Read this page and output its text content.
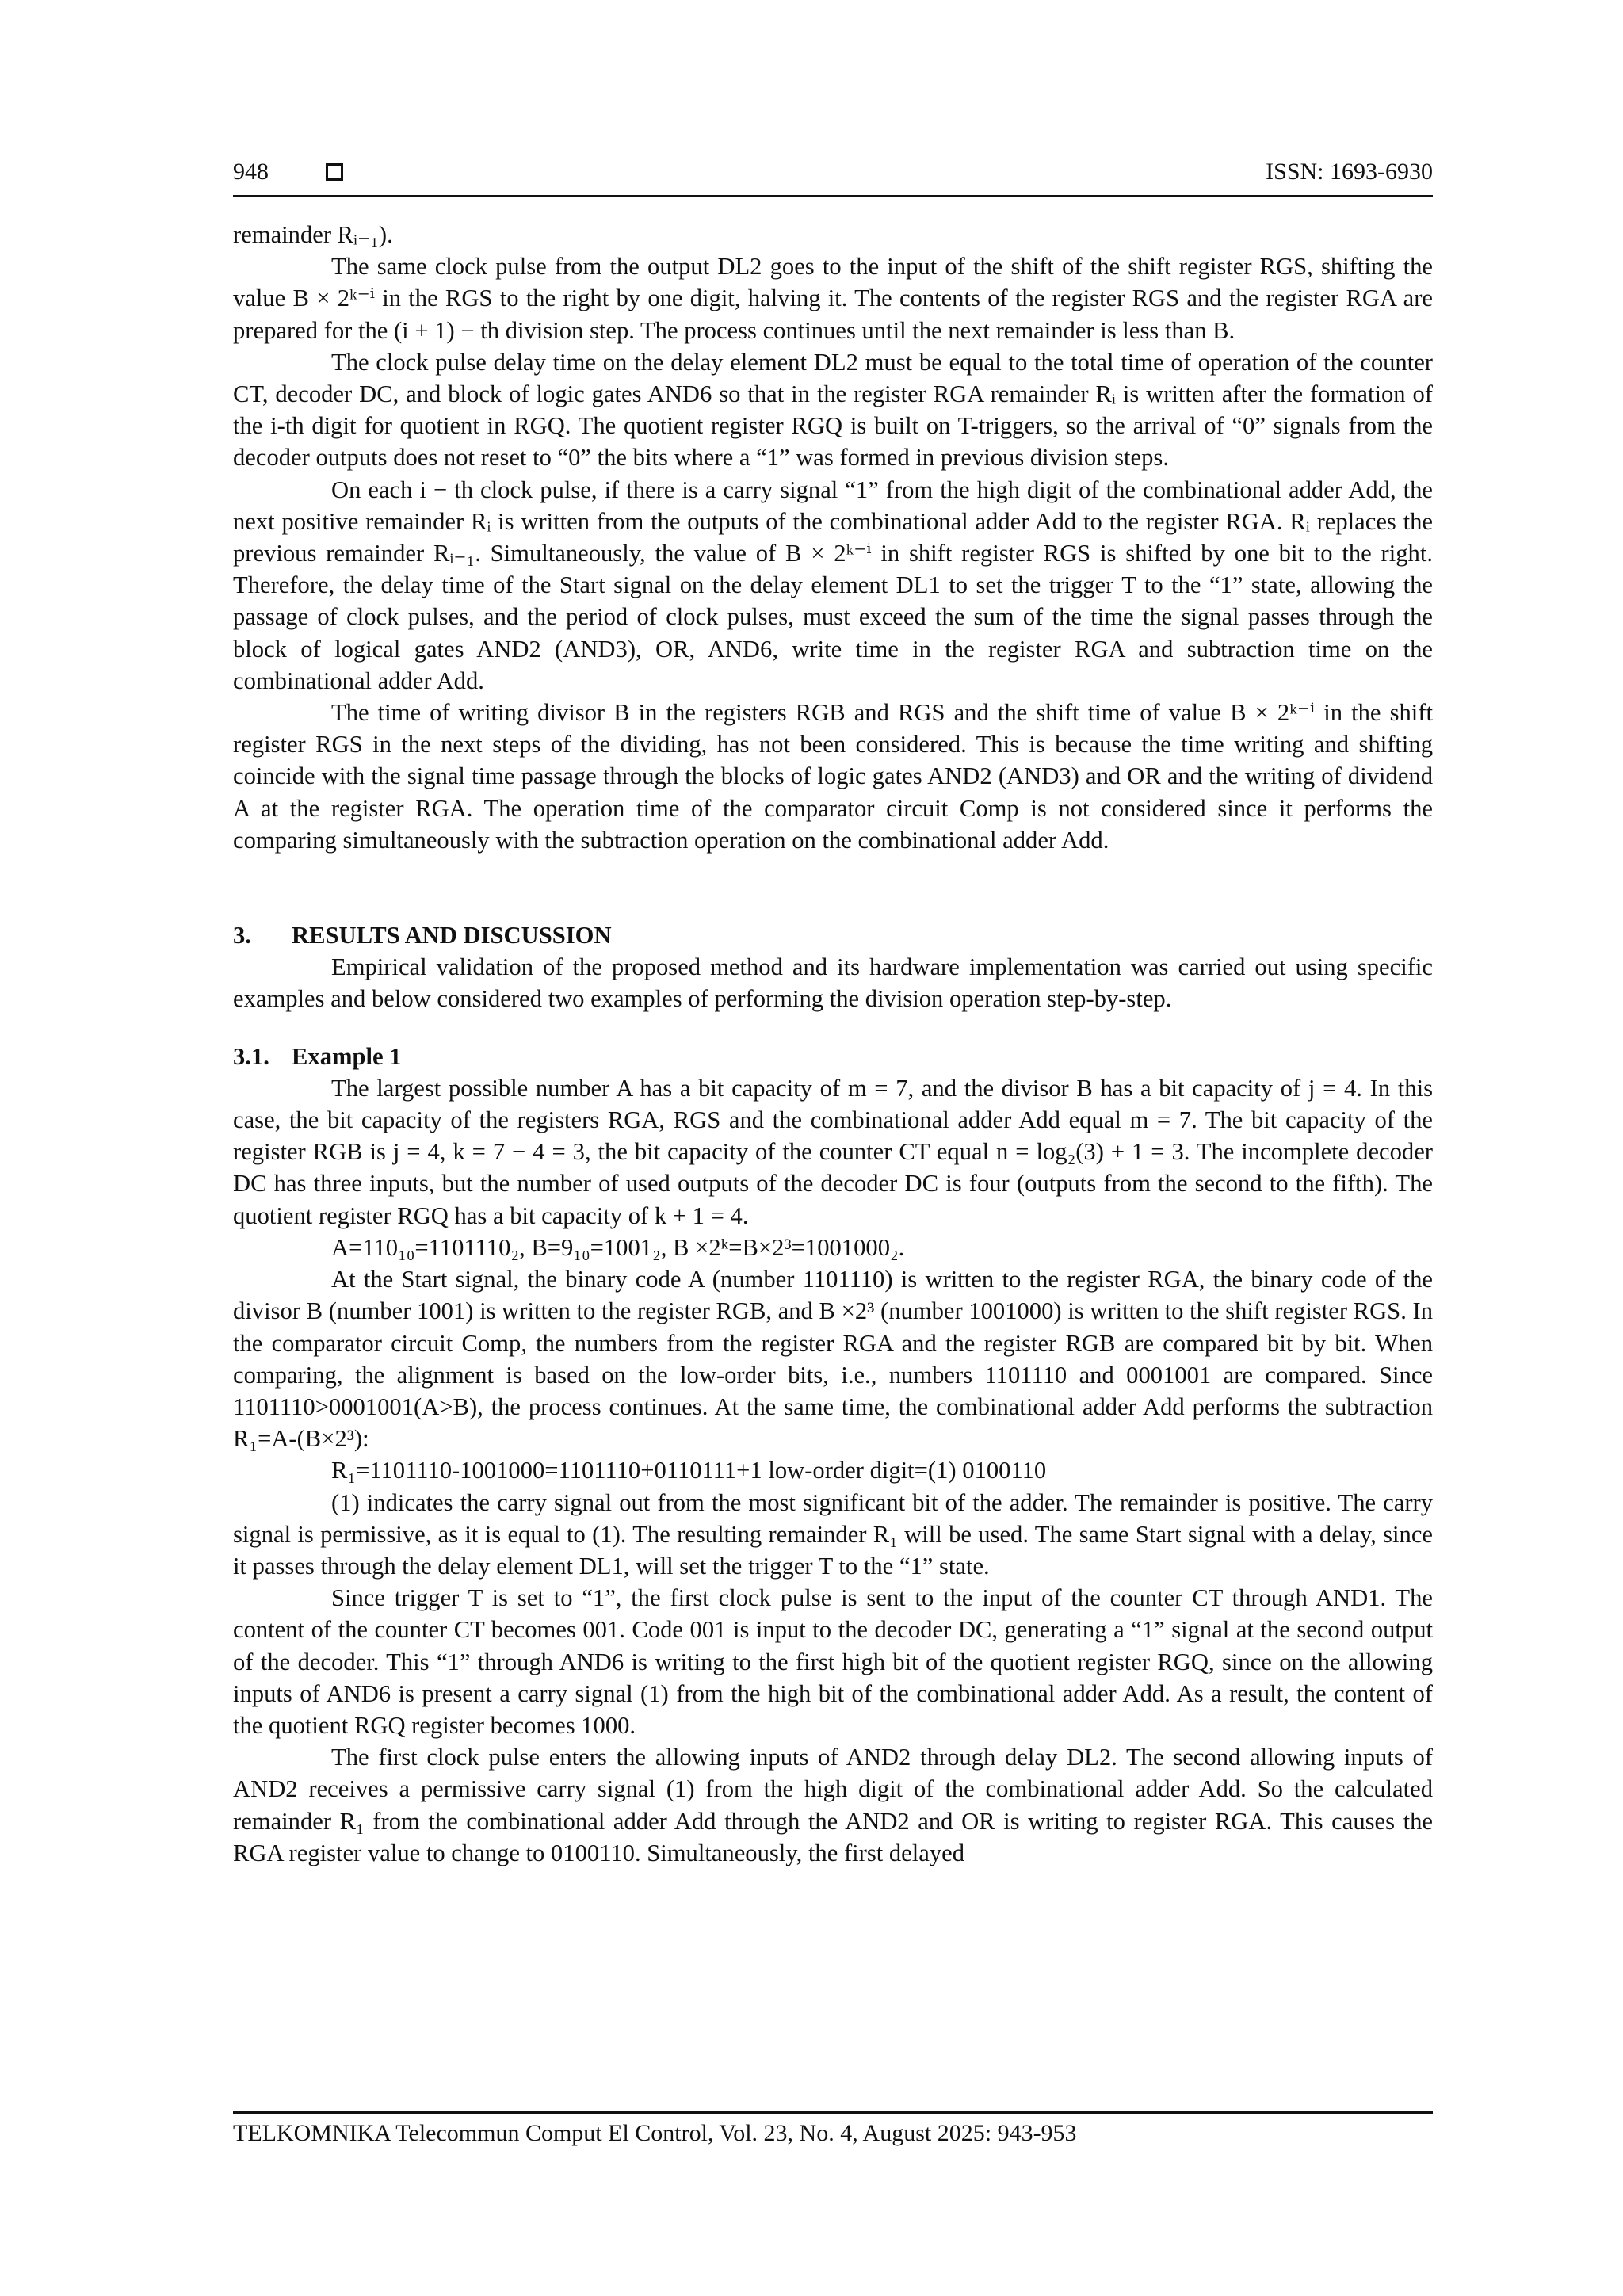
948	ISSN: 1693-6930

remainder Rᵢ₋₁).

The same clock pulse from the output DL2 goes to the input of the shift of the shift register RGS, shifting the value B × 2ᵏ⁻ⁱ in the RGS to the right by one digit, halving it. The contents of the register RGS and the register RGA are prepared for the (i + 1) − th division step. The process continues until the next remainder is less than B.

The clock pulse delay time on the delay element DL2 must be equal to the total time of operation of the counter CT, decoder DC, and block of logic gates AND6 so that in the register RGA remainder Rᵢ is written after the formation of the i-th digit for quotient in RGQ. The quotient register RGQ is built on T-triggers, so the arrival of “0” signals from the decoder outputs does not reset to “0” the bits where a “1” was formed in previous division steps.

On each i − th clock pulse, if there is a carry signal “1” from the high digit of the combinational adder Add, the next positive remainder Rᵢ is written from the outputs of the combinational adder Add to the register RGA. Rᵢ replaces the previous remainder Rᵢ₋₁. Simultaneously, the value of B × 2ᵏ⁻ⁱ in shift register RGS is shifted by one bit to the right. Therefore, the delay time of the Start signal on the delay element DL1 to set the trigger T to the “1” state, allowing the passage of clock pulses, and the period of clock pulses, must exceed the sum of the time the signal passes through the block of logical gates AND2 (AND3), OR, AND6, write time in the register RGA and subtraction time on the combinational adder Add.

The time of writing divisor B in the registers RGB and RGS and the shift time of value B × 2ᵏ⁻ⁱ in the shift register RGS in the next steps of the dividing, has not been considered. This is because the time writing and shifting coincide with the signal time passage through the blocks of logic gates AND2 (AND3) and OR and the writing of dividend A at the register RGA. The operation time of the comparator circuit Comp is not considered since it performs the comparing simultaneously with the subtraction operation on the combinational adder Add.

3. RESULTS AND DISCUSSION

Empirical validation of the proposed method and its hardware implementation was carried out using specific examples and below considered two examples of performing the division operation step-by-step.

3.1. Example 1

The largest possible number A has a bit capacity of m = 7, and the divisor B has a bit capacity of j = 4. In this case, the bit capacity of the registers RGA, RGS and the combinational adder Add equal m = 7. The bit capacity of the register RGB is j = 4, k = 7 − 4 = 3, the bit capacity of the counter CT equal n = log₂(3) + 1 = 3. The incomplete decoder DC has three inputs, but the number of used outputs of the decoder DC is four (outputs from the second to the fifth). The quotient register RGQ has a bit capacity of k + 1 = 4.

A=110₁₀=1101110₂, B=9₁₀=1001₂, B ×2ᵏ=B×2³=1001000₂.

At the Start signal, the binary code A (number 1101110) is written to the register RGA, the binary code of the divisor B (number 1001) is written to the register RGB, and B ×2³ (number 1001000) is written to the shift register RGS. In the comparator circuit Comp, the numbers from the register RGA and the register RGB are compared bit by bit. When comparing, the alignment is based on the low-order bits, i.e., numbers 1101110 and 0001001 are compared. Since 1101110>0001001(A>B), the process continues. At the same time, the combinational adder Add performs the subtraction R₁=A-(B×2³):

R₁=1101110-1001000=1101110+0110111+1 low-order digit=(1) 0100110

(1) indicates the carry signal out from the most significant bit of the adder. The remainder is positive. The carry signal is permissive, as it is equal to (1). The resulting remainder R₁ will be used. The same Start signal with a delay, since it passes through the delay element DL1, will set the trigger T to the “1” state.

Since trigger T is set to “1”, the first clock pulse is sent to the input of the counter CT through AND1. The content of the counter CT becomes 001. Code 001 is input to the decoder DC, generating a “1” signal at the second output of the decoder. This “1” through AND6 is writing to the first high bit of the quotient register RGQ, since on the allowing inputs of AND6 is present a carry signal (1) from the high bit of the combinational adder Add. As a result, the content of the quotient RGQ register becomes 1000.

The first clock pulse enters the allowing inputs of AND2 through delay DL2. The second allowing inputs of AND2 receives a permissive carry signal (1) from the high digit of the combinational adder Add. So the calculated remainder R₁ from the combinational adder Add through the AND2 and OR is writing to register RGA. This causes the RGA register value to change to 0100110. Simultaneously, the first delayed

TELKOMNIKA Telecommun Comput El Control, Vol. 23, No. 4, August 2025: 943-953
